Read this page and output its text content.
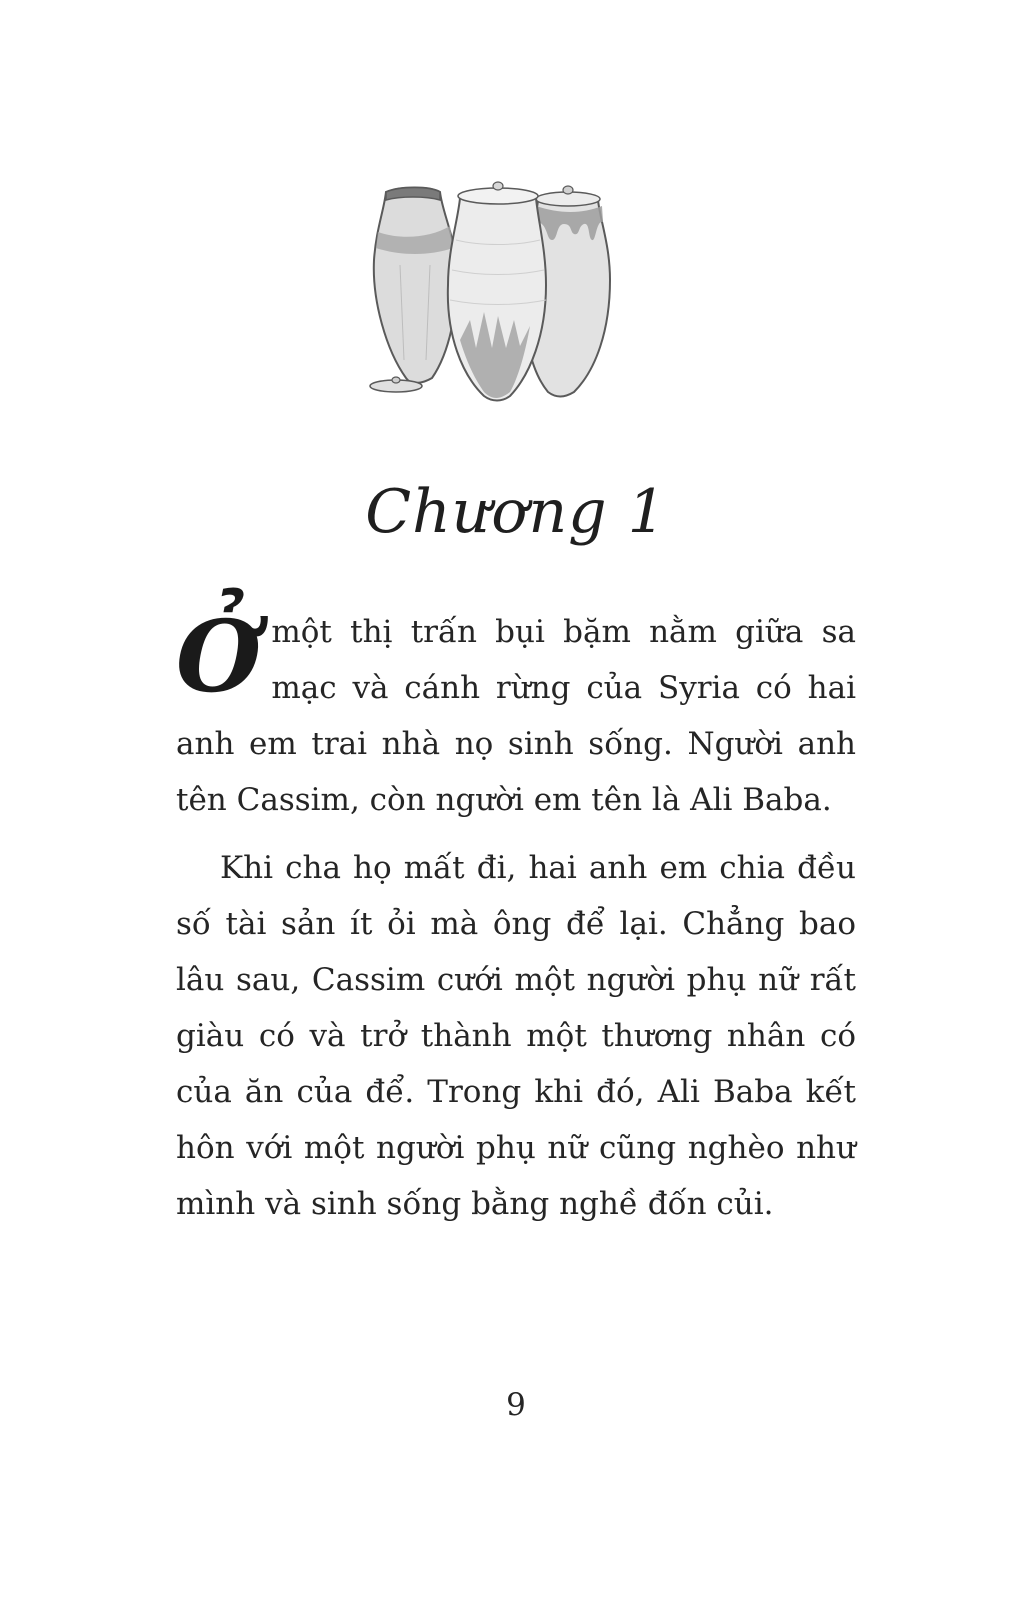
Chương 1

Ở một thị trấn bụi bặm nằm giữa sa mạc và cánh rừng của Syria có hai anh em trai nhà nọ sinh sống. Người anh tên Cassim, còn người em tên là Ali Baba.

Khi cha họ mất đi, hai anh em chia đều số tài sản ít ỏi mà ông để lại. Chẳng bao lâu sau, Cassim cưới một người phụ nữ rất giàu có và trở thành một thương nhân có của ăn của để. Trong khi đó, Ali Baba kết hôn với một người phụ nữ cũng nghèo như mình và sinh sống bằng nghề đốn củi.

9
